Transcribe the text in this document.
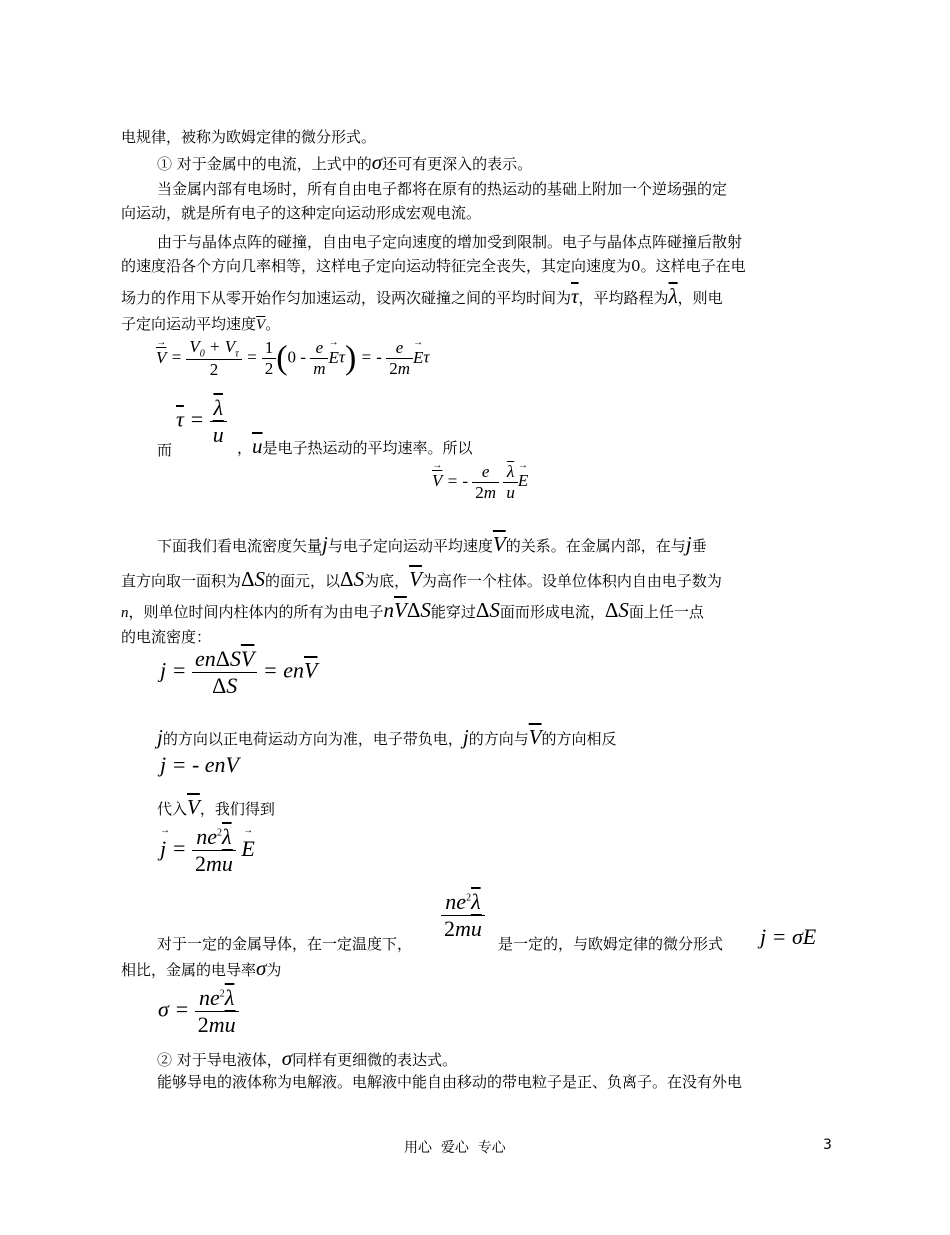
电规律，被称为欧姆定律的微分形式。
① 对于金属中的电流，上式中的σ还可有更深入的表示。
当金属内部有电场时，所有自由电子都将在原有的热运动的基础上附加一个逆场强的定
向运动，就是所有电子的这种定向运动形成宏观电流。
由于与晶体点阵的碰撞，自由电子定向速度的增加受到限制。电子与晶体点阵碰撞后散射
的速度沿各个方向几率相等，这样电子定向运动特征完全丧失，其定向速度为0。这样电子在电
场力的作用下从零开始作匀加速运动，设两次碰撞之间的平均时间为$\overline{\tau}$，平均路程为$\overline{\lambda}$，则电
子定向运动平均速度$\overline{V}$。
→ $\overline{V} = \frac{V_0 + V_\tau}{2} = \frac{1}{2} (0 - \frac{e}{m} \to E\tau)$ = - $\frac{e}{2m} \to E\tau$
$\overline{\tau} = \frac{\overline{\lambda}}{u}$
而	，$\overline{u}$是电子热运动的平均速率。所以
→ $\overline{V}$ = - $\frac{e}{2m}$
$\frac{\overline{\lambda}}{u} \to E$
下面我们看电流密度矢量j与电子定向运动平均速度$\overline{V}$的关系。在金属内部，在与j垂
直方向取一面积为ΔS的面元，以ΔS为底，$\overline{V}$为高作一个柱体。设单位体积内自由电子数为
n，则单位时间内柱体内的所有为由电子$n\overline{V}\Delta S$能穿过ΔS面而形成电流，ΔS面上任一点
的电流密度：
$j = \frac{en\Delta S\overline{V}}{\Delta S} = en\overline{V}$
j的方向以正电荷运动方向为准，电子带负电，j的方向与$\overline{V}$的方向相反
j = - enV
代入$\overline{V}$，我们得到
→ $j = \frac{ne^2\overline{\lambda}}{2m\overline{u}} \to E$
$\frac{ne^2\overline{\lambda}}{2m\overline{u}}$
对于一定的金属导体，在一定温度下，	是一定的，与欧姆定律的微分形式 j = σE
相比，金属的电导率σ为
$\sigma = \frac{ne^2\overline{\lambda}}{2m\overline{u}}$
② 对于导电液体，σ同样有更细微的表达式。
能够导电的液体称为电解液。电解液中能自由移动的带电粒子是正、负离子。在没有外电
用心  爱心  专心	3
